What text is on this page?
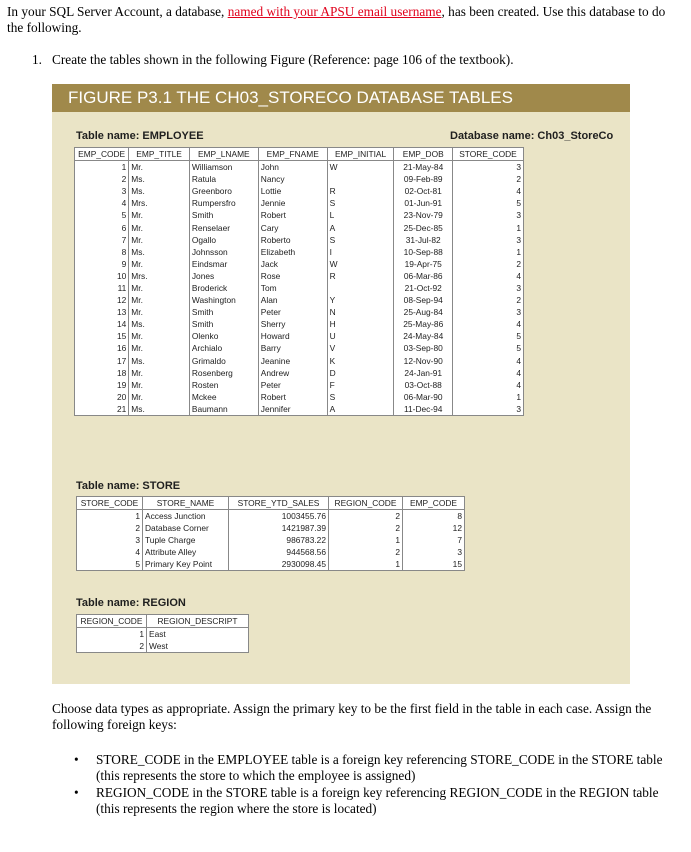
In your SQL Server Account, a database, named with your APSU email username, has been created. Use this database to do the following.

1. Create the tables shown in the following Figure (Reference: page 106 of the textbook).
FIGURE P3.1 THE CH03_STORECO DATABASE TABLES
Table name: EMPLOYEE	Database name: Ch03_StoreCo
EMP_CODE	EMP_TITLE	EMP_LNAME	EMP_FNAME	EMP_INITIAL	EMP_DOB	STORE_CODE
1	Mr.	Williamson	John	W	21-May-84	3
2	Ms.	Ratula	Nancy		09-Feb-89	2
3	Ms.	Greenboro	Lottie	R	02-Oct-81	4
4	Mrs.	Rumpersfro	Jennie	S	01-Jun-91	5
5	Mr.	Smith	Robert	L	23-Nov-79	3
6	Mr.	Renselaer	Cary	A	25-Dec-85	1
7	Mr.	Ogallo	Roberto	S	31-Jul-82	3
8	Ms.	Johnsson	Elizabeth	I	10-Sep-88	1
9	Mr.	Eindsmar	Jack	W	19-Apr-75	2
10	Mrs.	Jones	Rose	R	06-Mar-86	4
11	Mr.	Broderick	Tom		21-Oct-92	3
12	Mr.	Washington	Alan	Y	08-Sep-94	2
13	Mr.	Smith	Peter	N	25-Aug-84	3
14	Ms.	Smith	Sherry	H	25-May-86	4
15	Mr.	Olenko	Howard	U	24-May-84	5
16	Mr.	Archialo	Barry	V	03-Sep-80	5
17	Ms.	Grimaldo	Jeanine	K	12-Nov-90	4
18	Mr.	Rosenberg	Andrew	D	24-Jan-91	4
19	Mr.	Rosten	Peter	F	03-Oct-88	4
20	Mr.	Mckee	Robert	S	06-Mar-90	1
21	Ms.	Baumann	Jennifer	A	11-Dec-94	3
Table name: STORE
STORE_CODE	STORE_NAME	STORE_YTD_SALES	REGION_CODE	EMP_CODE
1	Access Junction	1003455.76	2	8
2	Database Corner	1421987.39	2	12
3	Tuple Charge	986783.22	1	7
4	Attribute Alley	944568.56	2	3
5	Primary Key Point	2930098.45	1	15
Table name: REGION
REGION_CODE	REGION_DESCRIPT
1	East
2	West

Choose data types as appropriate. Assign the primary key to be the first field in the table in each case. Assign the following foreign keys:

•	STORE_CODE in the EMPLOYEE table is a foreign key referencing STORE_CODE in the STORE table (this represents the store to which the employee is assigned)

•	REGION_CODE in the STORE table is a foreign key referencing REGION_CODE in the REGION table (this represents the region where the store is located)
